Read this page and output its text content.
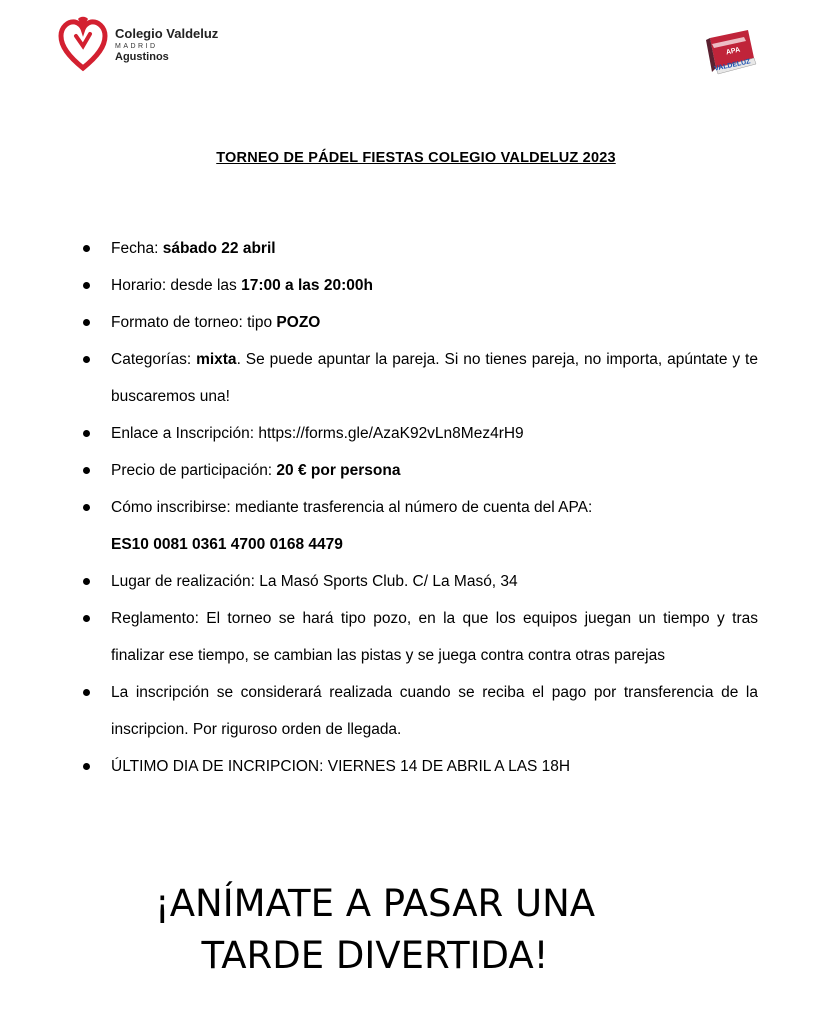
Colegio Valdeluz
MADRID
Agustinos	APA
VALDELUZ
TORNEO DE PÁDEL FIESTAS COLEGIO VALDELUZ 2023
Fecha: sábado 22 abril
Horario: desde las 17:00 a las 20:00h
Formato de torneo: tipo POZO
Categorías: mixta. Se puede apuntar la pareja. Si no tienes pareja, no importa, apúntate y te buscaremos una!
Enlace a Inscripción: https://forms.gle/AzaK92vLn8Mez4rH9
Precio de participación: 20 € por persona
Cómo inscribirse: mediante trasferencia al número de cuenta del APA:
ES10 0081 0361 4700 0168 4479
Lugar de realización: La Masó Sports Club. C/ La Masó, 34
Reglamento: El torneo se hará tipo pozo, en la que los equipos juegan un tiempo y tras finalizar ese tiempo, se cambian las pistas y se juega contra contra otras parejas
La inscripción se considerará realizada cuando se reciba el pago por transferencia de la inscripcion. Por riguroso orden de llegada.
ÚLTIMO DIA DE INCRIPCION: VIERNES 14 DE ABRIL A LAS 18H
¡ANÍMATE A PASAR UNA
TARDE DIVERTIDA!
